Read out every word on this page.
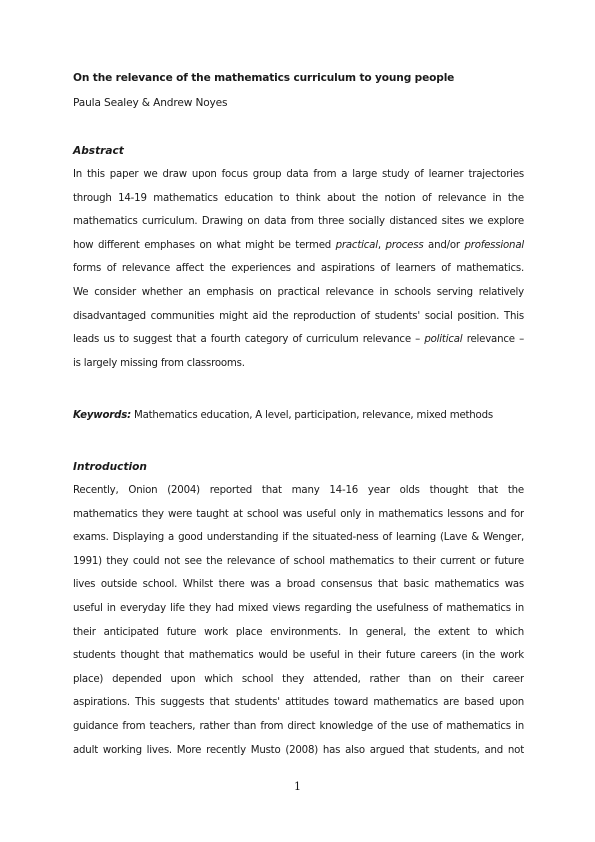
On the relevance of the mathematics curriculum to young people
Paula Sealey & Andrew Noyes
Abstract
In this paper we draw upon focus group data from a large study of learner trajectories
through 14-19 mathematics education to think about the notion of relevance in the
mathematics curriculum. Drawing on data from three socially distanced sites we explore
how different emphases on what might be termed practical, process and/or professional
forms of relevance affect the experiences and aspirations of learners of mathematics.
We consider whether an emphasis on practical relevance in schools serving relatively
disadvantaged communities might aid the reproduction of students' social position. This
leads us to suggest that a fourth category of curriculum relevance – political relevance –
is largely missing from classrooms.
Keywords: Mathematics education, A level, participation, relevance, mixed methods
Introduction
Recently, Onion (2004) reported that many 14-16 year olds thought that the
mathematics they were taught at school was useful only in mathematics lessons and for
exams. Displaying a good understanding if the situated-ness of learning (Lave & Wenger,
1991) they could not see the relevance of school mathematics to their current or future
lives outside school. Whilst there was a broad consensus that basic mathematics was
useful in everyday life they had mixed views regarding the usefulness of mathematics in
their anticipated future work place environments. In general, the extent to which
students thought that mathematics would be useful in their future careers (in the work
place) depended upon which school they attended, rather than on their career
aspirations. This suggests that students' attitudes toward mathematics are based upon
guidance from teachers, rather than from direct knowledge of the use of mathematics in
adult working lives. More recently Musto (2008) has also argued that students, and not
1
